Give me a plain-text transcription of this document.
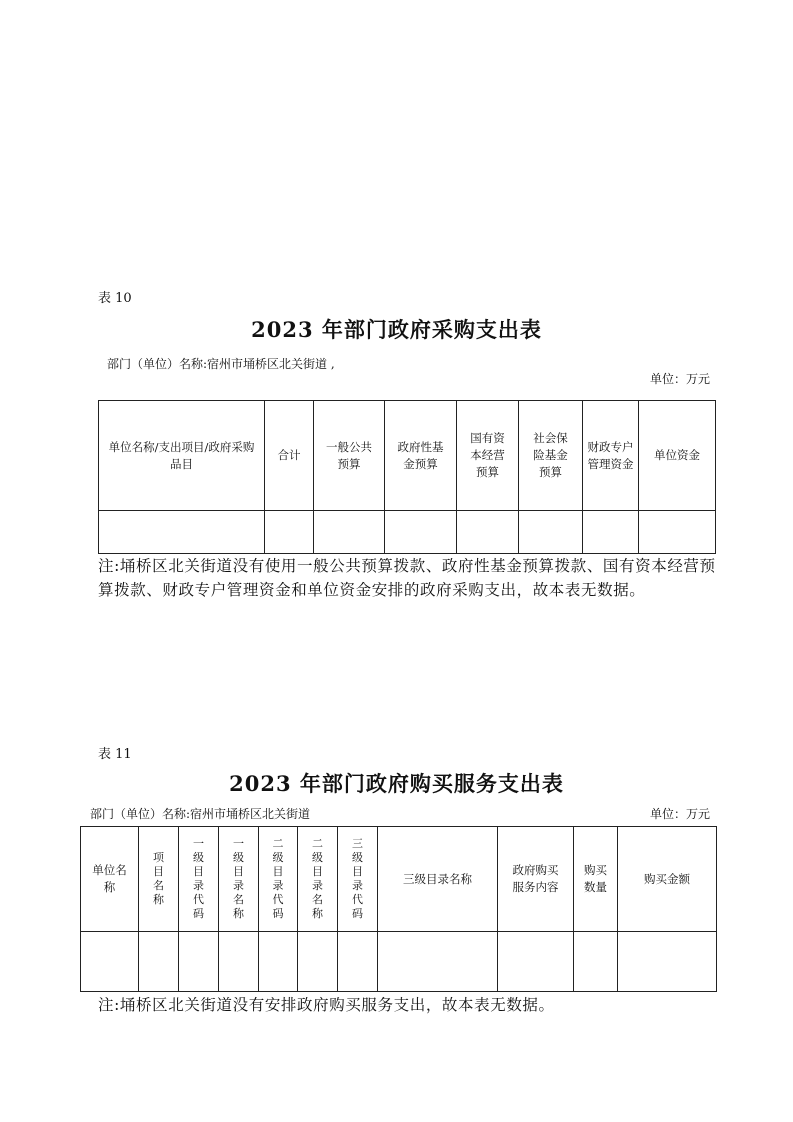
表 10
2023 年部门政府采购支出表
部门（单位）名称:宿州市埇桥区北关街道 ,
单位：万元
单位名称/支出项目/政府采购品目	合计	一般公共预算	政府性基金预算	国有资本经营预算	社会保险基金预算	财政专户管理资金	单位资金

注:埇桥区北关街道没有使用一般公共预算拨款、政府性基金预算拨款、国有资本经营预算拨款、财政专户管理资金和单位资金安排的政府采购支出，故本表无数据。
表 11
2023 年部门政府购买服务支出表
部门（单位）名称:宿州市埇桥区北关街道	单位：万元
单位名称	项目名称	一级目录代码	一级目录名称	二级目录代码	二级目录名称	三级目录代码	三级目录名称	政府购买服务内容	购买数量	购买金额

注:埇桥区北关街道没有安排政府购买服务支出，故本表无数据。
